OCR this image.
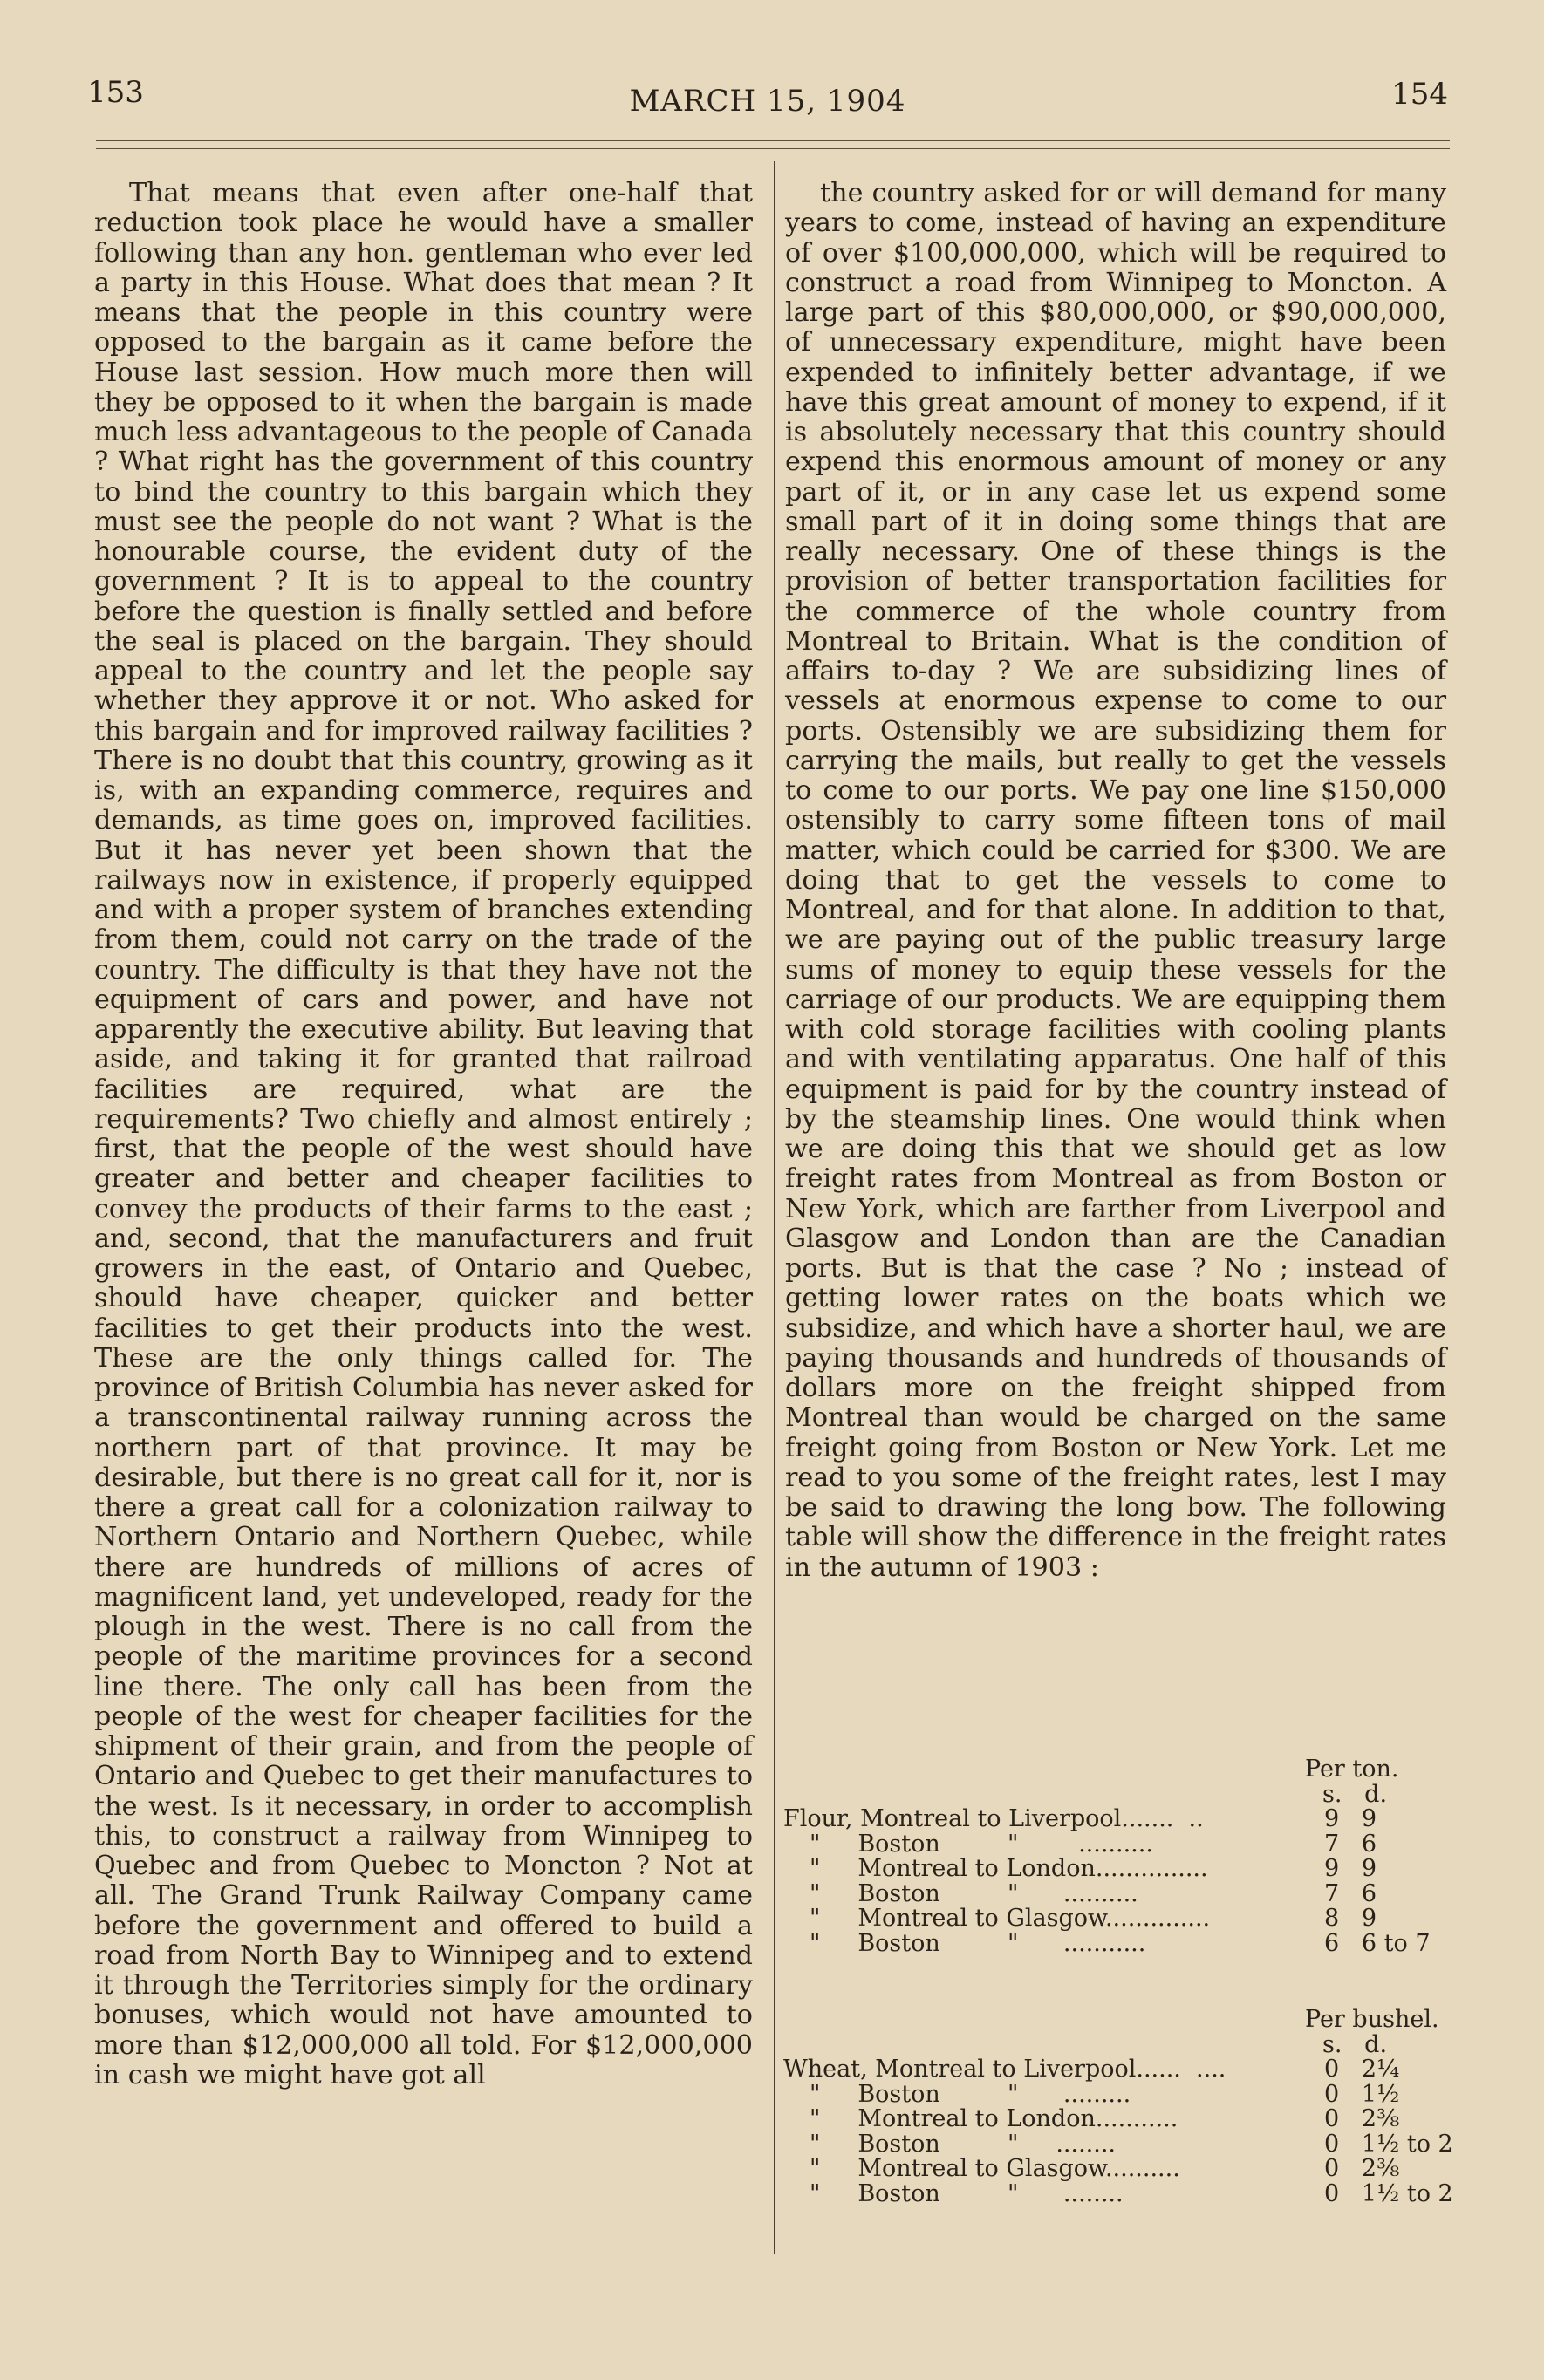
153	MARCH 15, 1904	154

That means that even after one-half that reduction took place he would have a smaller following than any hon. gentleman who ever led a party in this House. What does that mean ? It means that the people in this country were opposed to the bargain as it came before the House last session. How much more then will they be opposed to it when the bargain is made much less advantageous to the people of Canada ? What right has the government of this country to bind the country to this bargain which they must see the people do not want ? What is the honourable course, the evident duty of the government ? It is to appeal to the country before the question is finally settled and before the seal is placed on the bargain. They should appeal to the country and let the people say whether they approve it or not. Who asked for this bargain and for improved railway facilities ? There is no doubt that this country, growing as it is, with an expanding commerce, requires and demands, as time goes on, improved facilities. But it has never yet been shown that the railways now in existence, if properly equipped and with a proper system of branches extending from them, could not carry on the trade of the country. The difficulty is that they have not the equipment of cars and power, and have not apparently the executive ability. But leaving that aside, and taking it for granted that railroad facilities are required, what are the requirements? Two chiefly and almost entirely ; first, that the people of the west should have greater and better and cheaper facilities to convey the products of their farms to the east ; and, second, that the manufacturers and fruit growers in the east, of Ontario and Quebec, should have cheaper, quicker and better facilities to get their products into the west. These are the only things called for. The province of British Columbia has never asked for a transcontinental railway running across the northern part of that province. It may be desirable, but there is no great call for it, nor is there a great call for a colonization railway to Northern Ontario and Northern Quebec, while there are hundreds of millions of acres of magnificent land, yet undeveloped, ready for the plough in the west. There is no call from the people of the maritime provinces for a second line there. The only call has been from the people of the west for cheaper facilities for the shipment of their grain, and from the people of Ontario and Quebec to get their manufactures to the west. Is it necessary, in order to accomplish this, to construct a railway from Winnipeg to Quebec and from Quebec to Moncton ? Not at all. The Grand Trunk Railway Company came before the government and offered to build a road from North Bay to Winnipeg and to extend it through the Territories simply for the ordinary bonuses, which would not have amounted to more than $12,000,000 all told. For $12,000,000 in cash we might have got all

the country asked for or will demand for many years to come, instead of having an expenditure of over $100,000,000, which will be required to construct a road from Winnipeg to Moncton. A large part of this $80,000,000, or $90,000,000, of unnecessary expenditure, might have been expended to infinitely better advantage, if we have this great amount of money to expend, if it is absolutely necessary that this country should expend this enormous amount of money or any part of it, or in any case let us expend some small part of it in doing some things that are really necessary. One of these things is the provision of better transportation facilities for the commerce of the whole country from Montreal to Britain. What is the condition of affairs to-day ? We are subsidizing lines of vessels at enormous expense to come to our ports. Ostensibly we are subsidizing them for carrying the mails, but really to get the vessels to come to our ports. We pay one line $150,000 ostensibly to carry some fifteen tons of mail matter, which could be carried for $300. We are doing that to get the vessels to come to Montreal, and for that alone. In addition to that, we are paying out of the public treasury large sums of money to equip these vessels for the carriage of our products. We are equipping them with cold storage facilities with cooling plants and with ventilating apparatus. One half of this equipment is paid for by the country instead of by the steamship lines. One would think when we are doing this that we should get as low freight rates from Montreal as from Boston or New York, which are farther from Liverpool and Glasgow and London than are the Canadian ports. But is that the case ? No ; instead of getting lower rates on the boats which we subsidize, and which have a shorter haul, we are paying thousands and hundreds of thousands of dollars more on the freight shipped from Montreal than would be charged on the same freight going from Boston or New York. Let me read to you some of the freight rates, lest I may be said to drawing the long bow. The following table will show the difference in the freight rates in the autumn of 1903 :

Per ton.
s.   d.
Flour, Montreal to Liverpool.......  ..	9   9
"     Boston         "        ..........	7   6
"     Montreal to London...............	9   9
"     Boston         "      ..........	7   6
"     Montreal to Glasgow..............	8   9
"     Boston         "      ...........	6   6 to 7
Per bushel.
s.   d.
Wheat, Montreal to Liverpool......  ....	0   2¼
"     Boston         "      .........	0   1½
"     Montreal to London...........	0   2⅜
"     Boston         "     ........	0   1½ to 2
"     Montreal to Glasgow..........	0   2⅜
"     Boston         "      ........	0   1½ to 2
